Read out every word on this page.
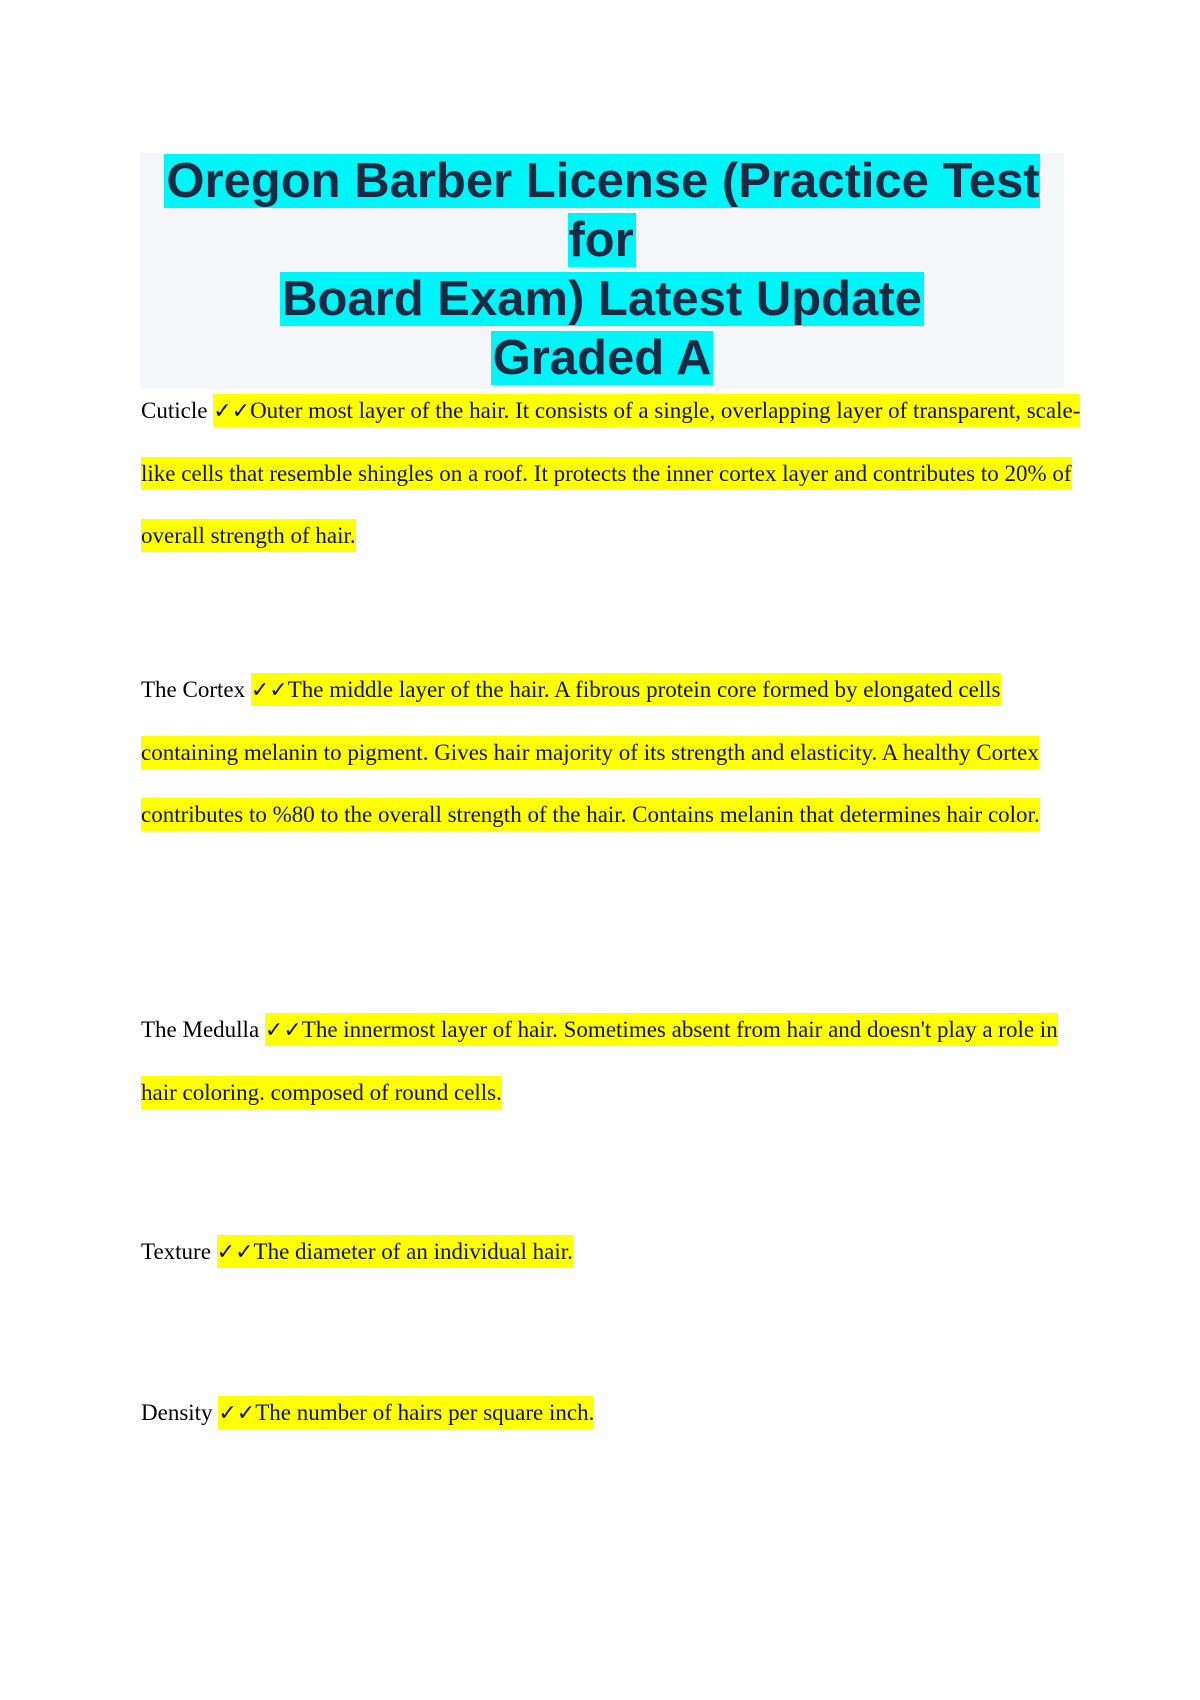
Oregon Barber License (Practice Test for
Board Exam) Latest Update
Graded A

Cuticle ✓✓Outer most layer of the hair. It consists of a single, overlapping layer of transparent, scale-like cells that resemble shingles on a roof. It protects the inner cortex layer and contributes to 20% of overall strength of hair.

The Cortex ✓✓The middle layer of the hair. A fibrous protein core formed by elongated cells containing melanin to pigment. Gives hair majority of its strength and elasticity. A healthy Cortex contributes to %80 to the overall strength of the hair. Contains melanin that determines hair color.

The Medulla ✓✓The innermost layer of hair. Sometimes absent from hair and doesn't play a role in hair coloring. composed of round cells.

Texture ✓✓The diameter of an individual hair.

Density ✓✓The number of hairs per square inch.
